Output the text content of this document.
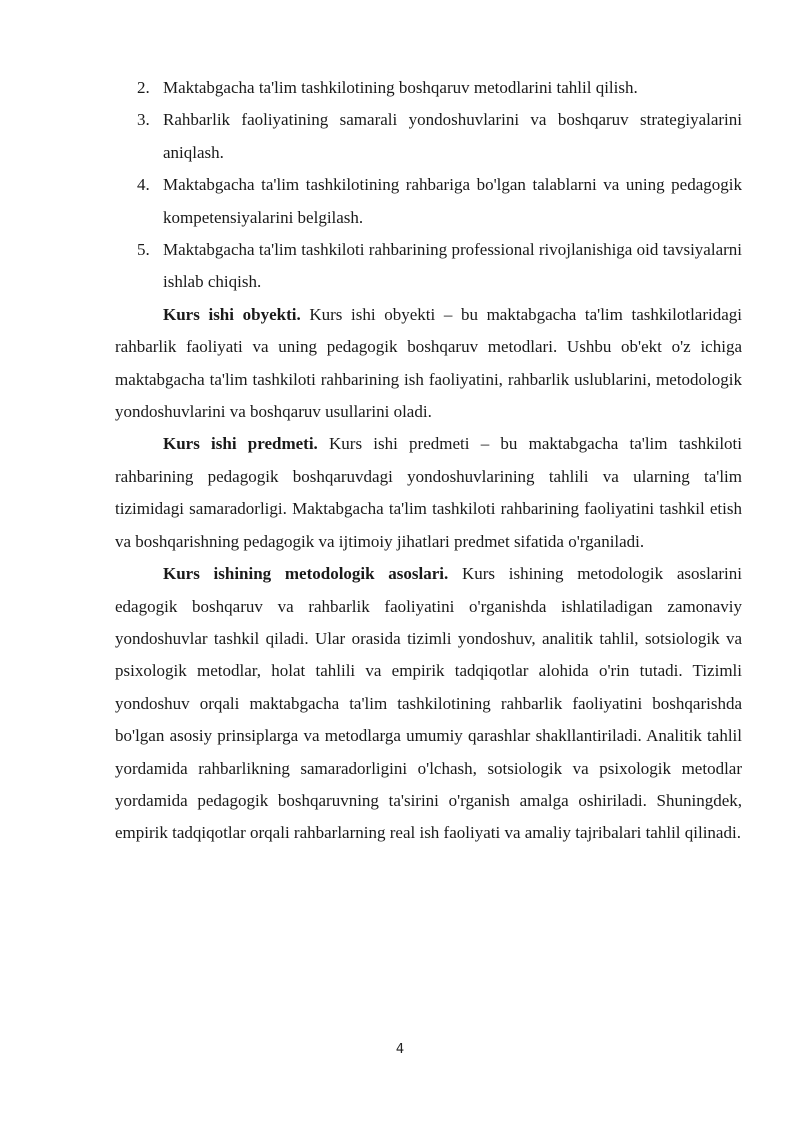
2. Maktabgacha ta'lim tashkilotining boshqaruv metodlarini tahlil qilish.
3. Rahbarlik faoliyatining samarali yondoshuvlarini va boshqaruv strategiyalarini aniqlash.
4. Maktabgacha ta'lim tashkilotining rahbariga bo'lgan talablarni va uning pedagogik kompetensiyalarini belgilash.
5. Maktabgacha ta'lim tashkiloti rahbarining professional rivojlanishiga oid tavsiyalarni ishlab chiqish.

Kurs ishi obyekti. Kurs ishi obyekti – bu maktabgacha ta'lim tashkilotlaridagi rahbarlik faoliyati va uning pedagogik boshqaruv metodlari. Ushbu ob'ekt o'z ichiga maktabgacha ta'lim tashkiloti rahbarining ish faoliyatini, rahbarlik uslublarini, metodologik yondoshuvlarini va boshqaruv usullarini oladi.

Kurs ishi predmeti. Kurs ishi predmeti – bu maktabgacha ta'lim tashkiloti rahbarining pedagogik boshqaruvdagi yondoshuvlarining tahlili va ularning ta'lim tizimidagi samaradorligi. Maktabgacha ta'lim tashkiloti rahbarining faoliyatini tashkil etish va boshqarishning pedagogik va ijtimoiy jihatlari predmet sifatida o'rganiladi.

Kurs ishining metodologik asoslari. Kurs ishining metodologik asoslarini edagogik boshqaruv va rahbarlik faoliyatini o'rganishda ishlatiladigan zamonaviy yondoshuvlar tashkil qiladi. Ular orasida tizimli yondoshuv, analitik tahlil, sotsiologik va psixologik metodlar, holat tahlili va empirik tadqiqotlar alohida o'rin tutadi. Tizimli yondoshuv orqali maktabgacha ta'lim tashkilotining rahbarlik faoliyatini boshqarishda bo'lgan asosiy prinsiplarga va metodlarga umumiy qarashlar shakllantiriladi. Analitik tahlil yordamida rahbarlikning samaradorligini o'lchash, sotsiologik va psixologik metodlar yordamida pedagogik boshqaruvning ta'sirini o'rganish amalga oshiriladi. Shuningdek, empirik tadqiqotlar orqali rahbarlarning real ish faoliyati va amaliy tajribalari tahlil qilinadi.

4
